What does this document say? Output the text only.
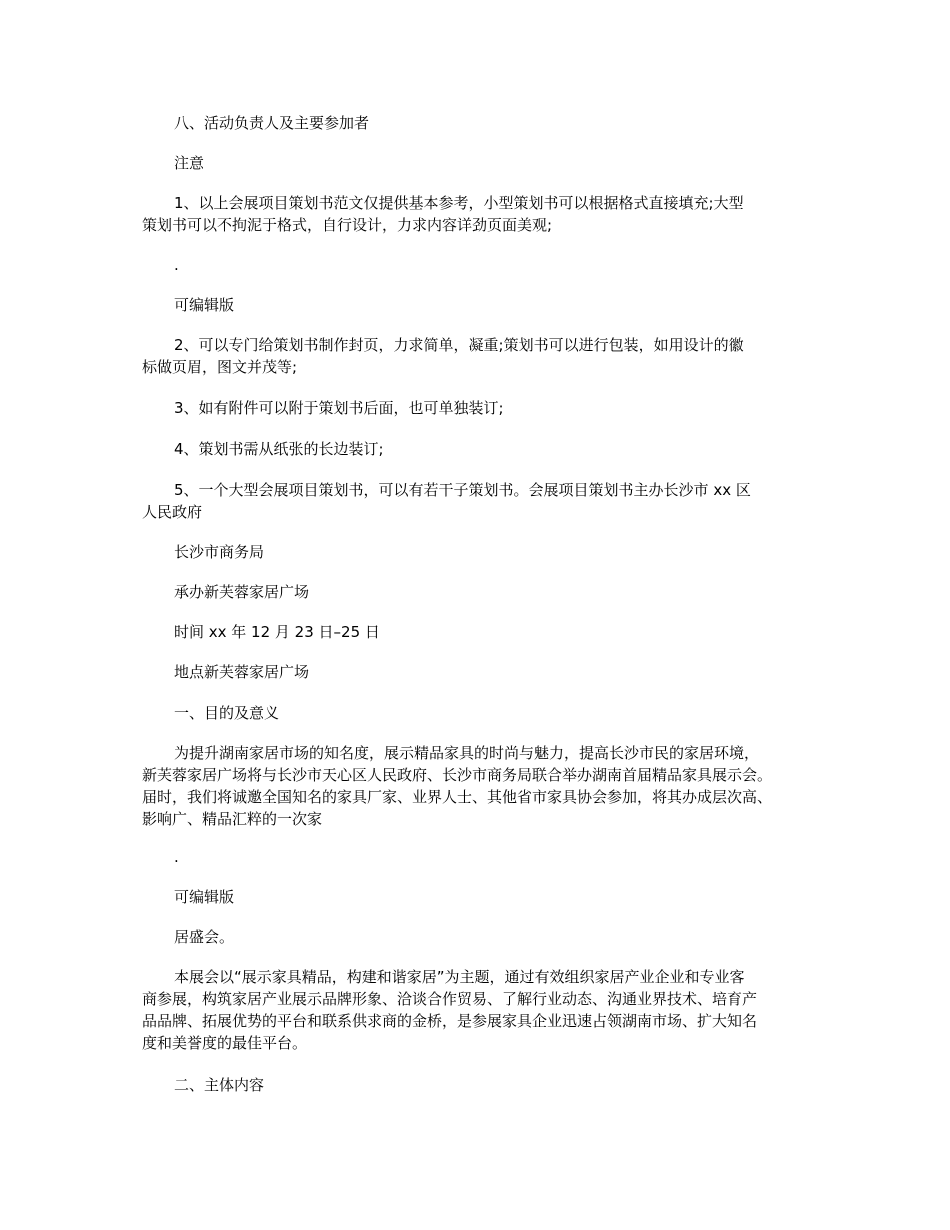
八、活动负责人及主要参加者
注意
1、以上会展项目策划书范文仅提供基本参考，小型策划书可以根据格式直接填充;大型
策划书可以不拘泥于格式，自行设计，力求内容详劲页面美观;
.
可编辑版
2、可以专门给策划书制作封页，力求简单，凝重;策划书可以进行包装，如用设计的徽
标做页眉，图文并茂等;
3、如有附件可以附于策划书后面，也可单独装订;
4、策划书需从纸张的长边装订;
5、一个大型会展项目策划书，可以有若干子策划书。会展项目策划书主办长沙市 xx 区
人民政府
长沙市商务局
承办新芙蓉家居广场
时间 xx 年 12 月 23 日–25 日
地点新芙蓉家居广场
一、目的及意义
为提升湖南家居市场的知名度，展示精品家具的时尚与魅力，提高长沙市民的家居环境，
新芙蓉家居广场将与长沙市天心区人民政府、长沙市商务局联合举办湖南首届精品家具展示会。
届时，我们将诚邀全国知名的家具厂家、业界人士、其他省市家具协会参加，将其办成层次高、
影响广、精品汇粹的一次家
.
可编辑版
居盛会。
本展会以“展示家具精品，构建和谐家居”为主题，通过有效组织家居产业企业和专业客
商参展，构筑家居产业展示品牌形象、洽谈合作贸易、了解行业动态、沟通业界技术、培育产
品品牌、拓展优势的平台和联系供求商的金桥，是参展家具企业迅速占领湖南市场、扩大知名
度和美誉度的最佳平台。
二、主体内容
